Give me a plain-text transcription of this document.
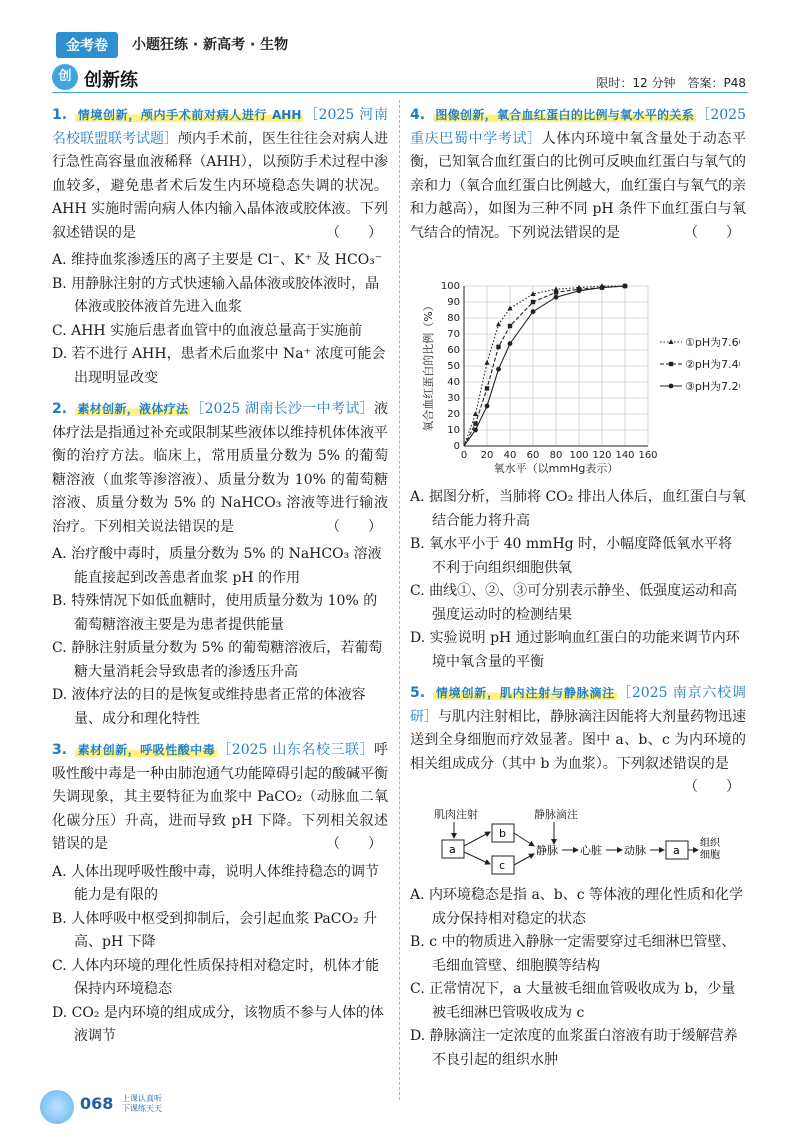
金考卷	小题狂练 · 新高考 · 生物
创 创新练	限时：12 分钟　答案：P48
1. 情境创新，颅内手术前对病人进行 AHH ［2025 河南名校联盟联考试题］颅内手术前，医生往往会对病人进行急性高容量血液稀释（AHH），以预防手术过程中渗血较多，避免患者术后发生内环境稳态失调的状况。AHH 实施时需向病人体内输入晶体液或胶体液。下列叙述错误的是	（　　）

A. 维持血浆渗透压的离子主要是 Cl⁻、K⁺ 及 HCO₃⁻

B. 用静脉注射的方式快速输入晶体液或胶体液时，晶体液或胶体液首先进入血浆

C. AHH 实施后患者血管中的血液总量高于实施前

D. 若不进行 AHH，患者术后血浆中 Na⁺ 浓度可能会出现明显改变

2. 素材创新，液体疗法 ［2025 湖南长沙一中考试］液体疗法是指通过补充或限制某些液体以维持机体体液平衡的治疗方法。临床上，常用质量分数为 5% 的葡萄糖溶液（血浆等渗溶液）、质量分数为 10% 的葡萄糖溶液、质量分数为 5% 的 NaHCO₃ 溶液等进行输液治疗。下列相关说法错误的是	（　　）

A. 治疗酸中毒时，质量分数为 5% 的 NaHCO₃ 溶液能直接起到改善患者血浆 pH 的作用

B. 特殊情况下如低血糖时，使用质量分数为 10% 的葡萄糖溶液主要是为患者提供能量

C. 静脉注射质量分数为 5% 的葡萄糖溶液后，若葡萄糖大量消耗会导致患者的渗透压升高

D. 液体疗法的目的是恢复或维持患者正常的体液容量、成分和理化特性

3. 素材创新，呼吸性酸中毒 ［2025 山东名校三联］呼吸性酸中毒是一种由肺泡通气功能障碍引起的酸碱平衡失调现象，其主要特征为血浆中 PaCO₂（动脉血二氧化碳分压）升高，进而导致 pH 下降。下列相关叙述错误的是	（　　）

A. 人体出现呼吸性酸中毒，说明人体维持稳态的调节能力是有限的

B. 人体呼吸中枢受到抑制后，会引起血浆 PaCO₂ 升高、pH 下降

C. 人体内环境的理化性质保持相对稳定时，机体才能保持内环境稳态

D. CO₂ 是内环境的组成成分，该物质不参与人体的体液调节

4. 图像创新，氧合血红蛋白的比例与氧水平的关系 ［2025 重庆巴蜀中学考试］人体内环境中氧含量处于动态平衡，已知氧合血红蛋白的比例可反映血红蛋白与氧气的亲和力（氧合血红蛋白比例越大，血红蛋白与氧气的亲和力越高），如图为三种不同 pH 条件下血红蛋白与氧气结合的情况。下列说法错误的是	（　　）
0 20 40 60 80 100 120 140 160
0
10
20
30
40
50
60
70
80
90
100
氧水平（以mmHg表示）
氧合血红蛋白的比例（%）	①pH为7.60
②pH为7.40
③pH为7.20

A. 据图分析，当肺将 CO₂ 排出人体后，血红蛋白与氧结合能力将升高

B. 氧水平小于 40 mmHg 时，小幅度降低氧水平将不利于向组织细胞供氧

C. 曲线①、②、③可分别表示静坐、低强度运动和高强度运动时的检测结果

D. 实验说明 pH 通过影响血红蛋白的功能来调节内环境中氧含量的平衡

5. 情境创新，肌内注射与静脉滴注 ［2025 南京六校调研］与肌内注射相比，静脉滴注因能将大剂量药物迅速送到全身细胞而疗效显著。图中 a、b、c 为内环境的相关组成成分（其中 b 为血浆）。下列叙述错误的是
（　　）
肌肉注射	静脉滴注
a
b
c
静脉 心脏 动脉 a
组织 细胞

A. 内环境稳态是指 a、b、c 等体液的理化性质和化学成分保持相对稳定的状态

B. c 中的物质进入静脉一定需要穿过毛细淋巴管壁、毛细血管壁、细胞膜等结构

C. 正常情况下，a 大量被毛细血管吸收成为 b，少量被毛细淋巴管吸收成为 c

D. 静脉滴注一定浓度的血浆蛋白溶液有助于缓解营养不良引起的组织水肿

068 上课认真听
下课练天天
